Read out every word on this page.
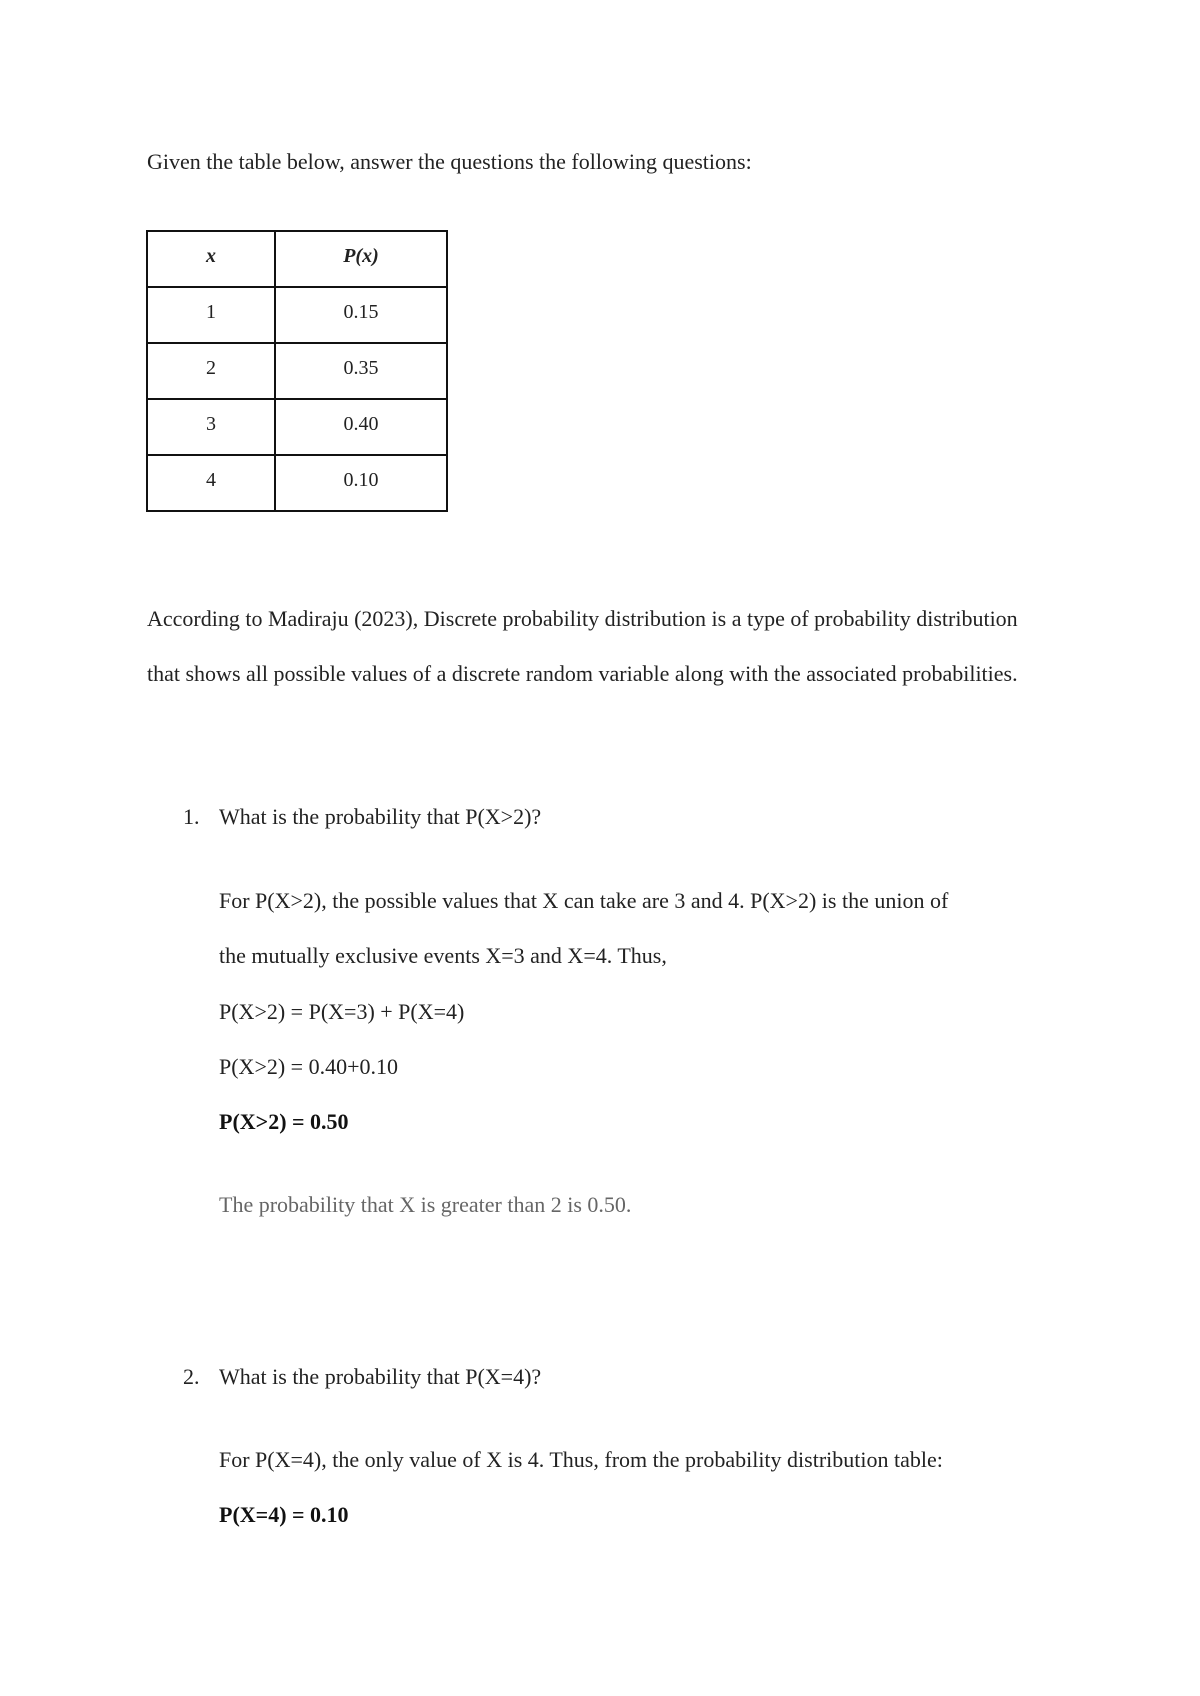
Given the table below, answer the questions the following questions:
x	P(x)

1	0.15

2	0.35

3	0.40

4	0.10
According to Madiraju (2023), Discrete probability distribution is a type of probability distribution that shows all possible values of a discrete random variable along with the associated probabilities.
1. What is the probability that P(X>2)?
For P(X>2), the possible values that X can take are 3 and 4. P(X>2) is the union of
the mutually exclusive events X=3 and X=4. Thus,
P(X>2) = P(X=3) + P(X=4)
P(X>2) = 0.40+0.10
P(X>2) = 0.50
The probability that X is greater than 2 is 0.50.
2. What is the probability that P(X=4)?
For P(X=4), the only value of X is 4. Thus, from the probability distribution table:
P(X=4) = 0.10
